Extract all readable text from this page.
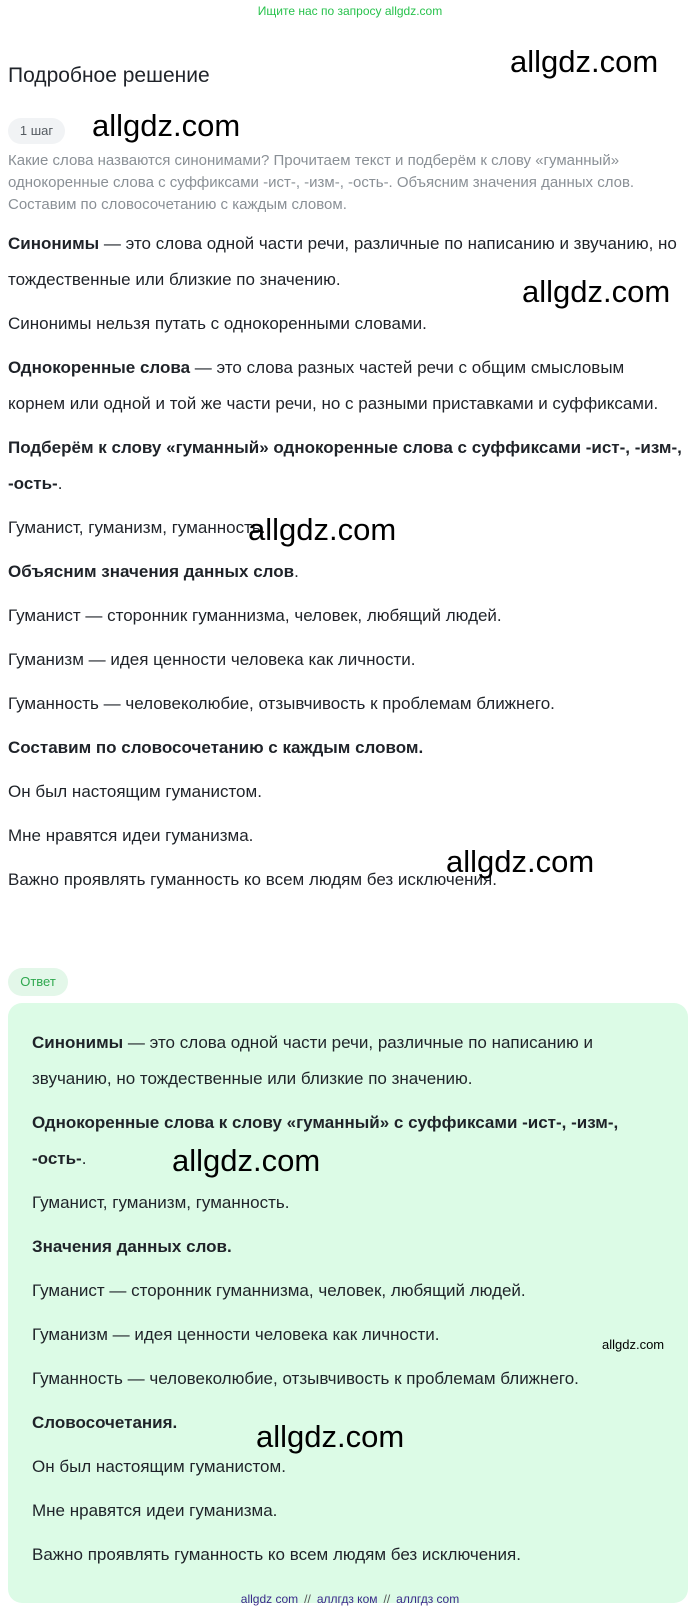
Ищите нас по запросу allgdz.com
Подробное решение
1 шаг

Какие слова назваются синонимами? Прочитаем текст и подберём к слову «гуманный» однокоренные слова с суффиксами -ист-, -изм-, -ость-. Объясним значения данных слов. Составим по словосочетанию с каждым словом.

Синонимы — это слова одной части речи, различные по написанию и звучанию, но тождественные или близкие по значению.

Синонимы нельзя путать с однокоренными словами.

Однокоренные слова — это слова разных частей речи с общим смысловым корнем или одной и той же части речи, но с разными приставками и суффиксами.

Подберём к слову «гуманный» однокоренные слова с суффиксами -ист-, -изм-, -ость-.

Гуманист, гуманизм, гуманность.

Объясним значения данных слов.

Гуманист — сторонник гуманнизма, человек, любящий людей.

Гуманизм — идея ценности человека как личности.

Гуманность — человеколюбие, отзывчивость к проблемам ближнего.

Составим по словосочетанию с каждым словом.

Он был настоящим гуманистом.

Мне нравятся идеи гуманизма.

Важно проявлять гуманность ко всем людям без исключения.

Ответ

Синонимы — это слова одной части речи, различные по написанию и звучанию, но тождественные или близкие по значению.

Однокоренные слова к слову «гуманный» с суффиксами -ист-, -изм-, -ость-.

Гуманист, гуманизм, гуманность.

Значения данных слов.

Гуманист — сторонник гуманнизма, человек, любящий людей.

Гуманизм — идея ценности человека как личности.

Гуманность — человеколюбие, отзывчивость к проблемам ближнего.

Словосочетания.

Он был настоящим гуманистом.

Мне нравятся идеи гуманизма.

Важно проявлять гуманность ко всем людям без исключения.

allgdz.com
allgdz.com
allgdz.com
allgdz.com
allgdz.com
allgdz.com
allgdz.com
allgdz.com
allgdz com // аллгдз ком // аллгдз com
